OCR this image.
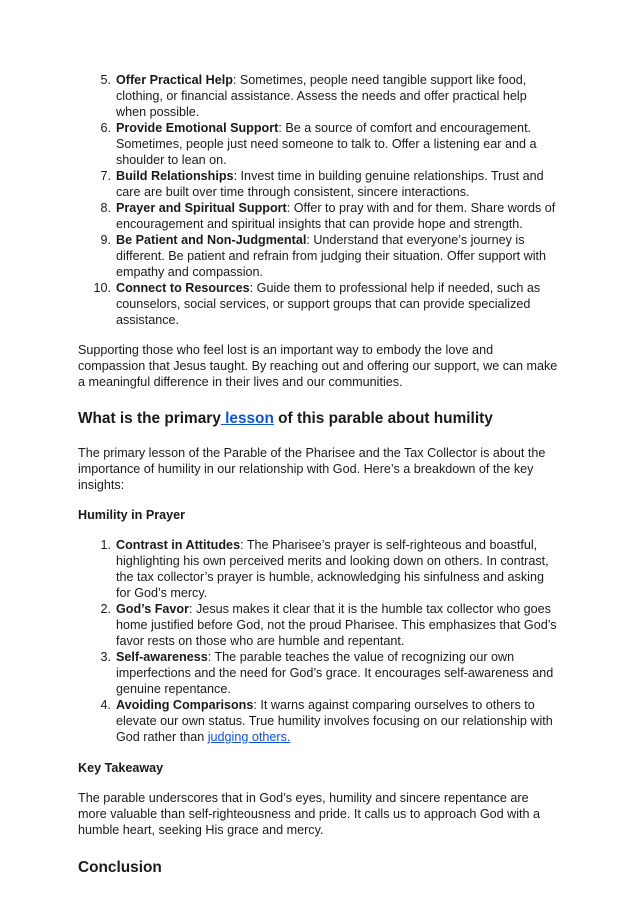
5. Offer Practical Help: Sometimes, people need tangible support like food, clothing, or financial assistance. Assess the needs and offer practical help when possible.
6. Provide Emotional Support: Be a source of comfort and encouragement. Sometimes, people just need someone to talk to. Offer a listening ear and a shoulder to lean on.
7. Build Relationships: Invest time in building genuine relationships. Trust and care are built over time through consistent, sincere interactions.
8. Prayer and Spiritual Support: Offer to pray with and for them. Share words of encouragement and spiritual insights that can provide hope and strength.
9. Be Patient and Non-Judgmental: Understand that everyone’s journey is different. Be patient and refrain from judging their situation. Offer support with empathy and compassion.
10. Connect to Resources: Guide them to professional help if needed, such as counselors, social services, or support groups that can provide specialized assistance.

Supporting those who feel lost is an important way to embody the love and compassion that Jesus taught. By reaching out and offering our support, we can make a meaningful difference in their lives and our communities.

What is the primary lesson of this parable about humility

The primary lesson of the Parable of the Pharisee and the Tax Collector is about the importance of humility in our relationship with God. Here’s a breakdown of the key insights:

Humility in Prayer
1. Contrast in Attitudes: The Pharisee’s prayer is self-righteous and boastful, highlighting his own perceived merits and looking down on others. In contrast, the tax collector’s prayer is humble, acknowledging his sinfulness and asking for God’s mercy.
2. God’s Favor: Jesus makes it clear that it is the humble tax collector who goes home justified before God, not the proud Pharisee. This emphasizes that God’s favor rests on those who are humble and repentant.
3. Self-awareness: The parable teaches the value of recognizing our own imperfections and the need for God’s grace. It encourages self-awareness and genuine repentance.
4. Avoiding Comparisons: It warns against comparing ourselves to others to elevate our own status. True humility involves focusing on our relationship with God rather than judging others.
Key Takeaway

The parable underscores that in God’s eyes, humility and sincere repentance are more valuable than self-righteousness and pride. It calls us to approach God with a humble heart, seeking His grace and mercy.

Conclusion
